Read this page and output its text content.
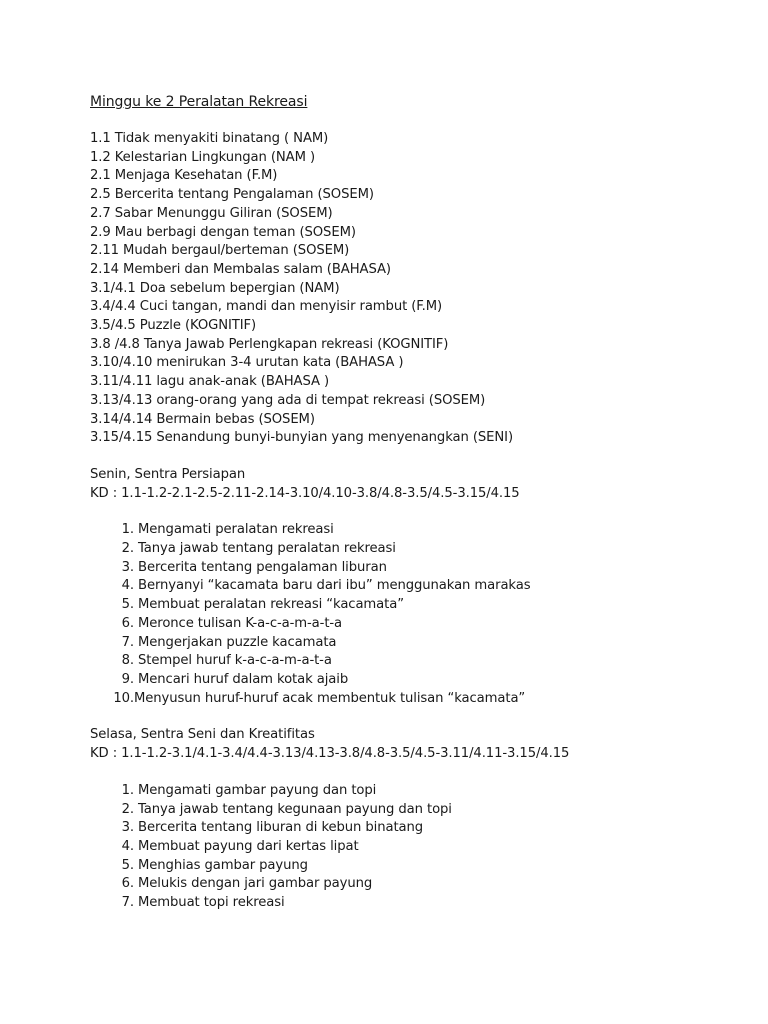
Minggu ke 2 Peralatan Rekreasi
1.1 Tidak menyakiti binatang ( NAM)
1.2 Kelestarian Lingkungan (NAM )
2.1 Menjaga Kesehatan (F.M)
2.5 Bercerita tentang Pengalaman (SOSEM)
2.7 Sabar Menunggu Giliran (SOSEM)
2.9 Mau berbagi dengan teman (SOSEM)
2.11 Mudah bergaul/berteman (SOSEM)
2.14 Memberi dan Membalas salam (BAHASA)
3.1/4.1 Doa sebelum bepergian (NAM)
3.4/4.4 Cuci tangan, mandi dan menyisir rambut (F.M)
3.5/4.5 Puzzle (KOGNITIF)
3.8 /4.8 Tanya Jawab Perlengkapan rekreasi (KOGNITIF)
3.10/4.10 menirukan 3-4 urutan kata (BAHASA )
3.11/4.11 lagu anak-anak (BAHASA )
3.13/4.13 orang-orang yang ada di tempat rekreasi (SOSEM)
3.14/4.14 Bermain bebas (SOSEM)
3.15/4.15 Senandung bunyi-bunyian yang menyenangkan (SENI)

Senin, Sentra Persiapan

KD : 1.1-1.2-2.1-2.5-2.11-2.14-3.10/4.10-3.8/4.8-3.5/4.5-3.15/4.15

1. Mengamati peralatan rekreasi
2. Tanya jawab tentang peralatan rekreasi
3. Bercerita tentang pengalaman liburan
4. Bernyanyi “kacamata baru dari ibu” menggunakan marakas
5. Membuat peralatan rekreasi “kacamata”
6. Meronce tulisan K-a-c-a-m-a-t-a
7. Mengerjakan puzzle kacamata
8. Stempel huruf k-a-c-a-m-a-t-a
9. Mencari huruf dalam kotak ajaib
10. Menyusun huruf-huruf acak membentuk tulisan “kacamata”

Selasa, Sentra Seni dan Kreatifitas

KD : 1.1-1.2-3.1/4.1-3.4/4.4-3.13/4.13-3.8/4.8-3.5/4.5-3.11/4.11-3.15/4.15

1. Mengamati gambar payung dan topi
2. Tanya jawab tentang kegunaan payung dan topi
3. Bercerita tentang liburan di kebun binatang
4. Membuat payung dari kertas lipat
5. Menghias gambar payung
6. Melukis dengan jari gambar payung
7. Membuat topi rekreasi
